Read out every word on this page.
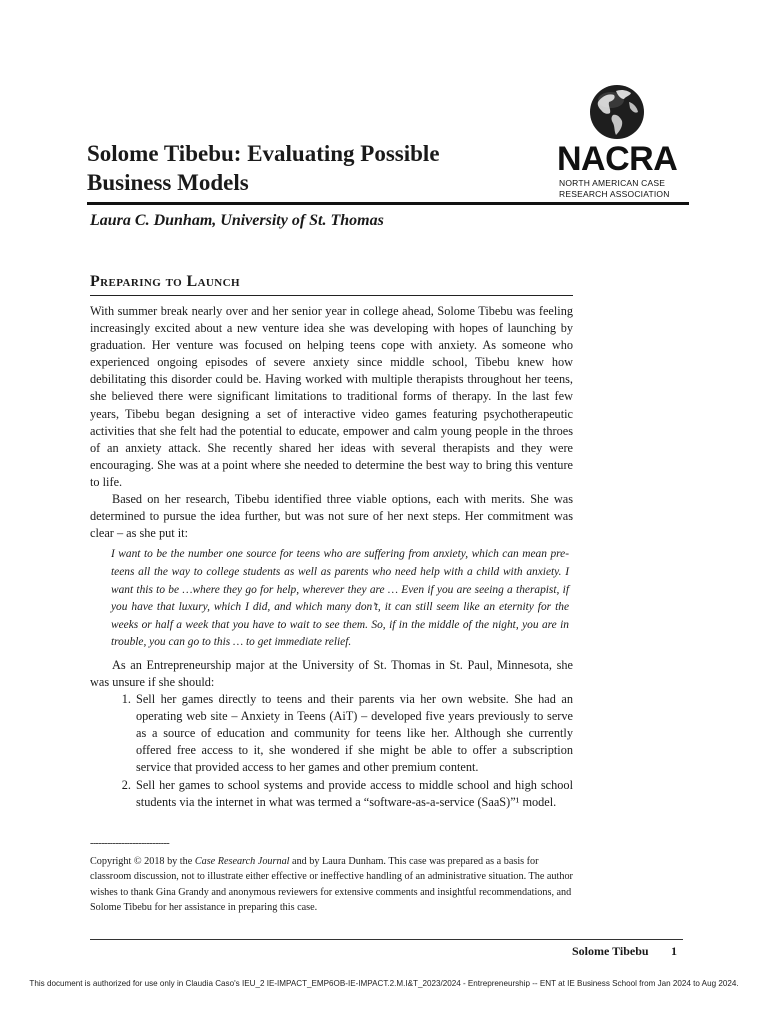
Solome Tibebu: Evaluating Possible Business Models
NACRA
NORTH AMERICAN CASE
RESEARCH ASSOCIATION

Laura C. Dunham, University of St. Thomas

Preparing to Launch

With summer break nearly over and her senior year in college ahead, Solome Tibebu was feeling increasingly excited about a new venture idea she was developing with hopes of launching by graduation. Her venture was focused on helping teens cope with anxiety. As someone who experienced ongoing episodes of severe anxiety since middle school, Tibebu knew how debilitating this disorder could be. Having worked with multiple therapists throughout her teens, she believed there were significant limitations to traditional forms of therapy. In the last few years, Tibebu began designing a set of interactive video games featuring psychotherapeutic activities that she felt had the potential to educate, empower and calm young people in the throes of an anxiety attack. She recently shared her ideas with several therapists and they were encouraging. She was at a point where she needed to determine the best way to bring this venture to life.

Based on her research, Tibebu identified three viable options, each with merits. She was determined to pursue the idea further, but was not sure of her next steps. Her commitment was clear – as she put it:

I want to be the number one source for teens who are suffering from anxiety, which can mean pre-teens all the way to college students as well as parents who need help with a child with anxiety. I want this to be …where they go for help, wherever they are … Even if you are seeing a therapist, if you have that luxury, which I did, and which many don’t, it can still seem like an eternity for the weeks or half a week that you have to wait to see them. So, if in the middle of the night, you are in trouble, you can go to this … to get immediate relief.

As an Entrepreneurship major at the University of St. Thomas in St. Paul, Minnesota, she was unsure if she should:

1. Sell her games directly to teens and their parents via her own website. She had an operating web site – Anxiety in Teens (AiT) – developed five years previously to serve as a source of education and community for teens like her. Although she currently offered free access to it, she wondered if she might be able to offer a subscription service that provided access to her games and other premium content.
2. Sell her games to school systems and provide access to middle school and high school students via the internet in what was termed a “software-as-a-service (SaaS)”¹ model.

----------------------------

Copyright © 2018 by the Case Research Journal and by Laura Dunham. This case was prepared as a basis for classroom discussion, not to illustrate either effective or ineffective handling of an administrative situation. The author wishes to thank Gina Grandy and anonymous reviewers for extensive comments and insightful recommendations, and Solome Tibebu for her assistance in preparing this case.

Solome Tibebu 1

This document is authorized for use only in Claudia Caso's IEU_2 IE-IMPACT_EMP6OB-IE-IMPACT.2.M.I&T_2023/2024 - Entrepreneurship -- ENT at IE Business School from Jan 2024 to Aug 2024.
